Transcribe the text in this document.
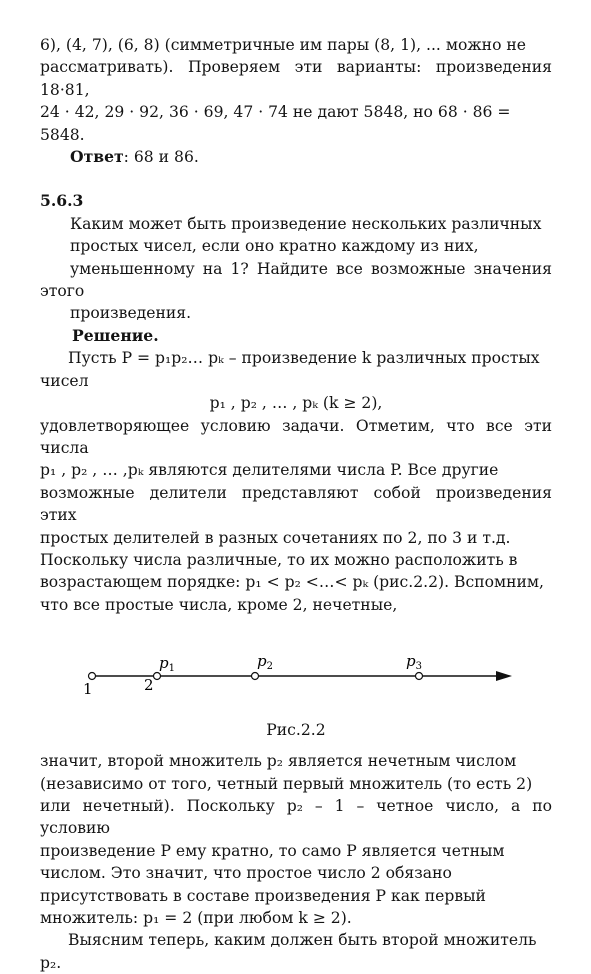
6), (4, 7), (6, 8) (симметричные им пары (8, 1), ... можно не
рассматривать). Проверяем эти варианты: произведения 18·81,
24 · 42, 29 · 92, 36 · 69, 47 · 74 не дают 5848, но 68 · 86 = 5848.

Ответ: 68 и 86.

5.6.3

Каким может быть произведение нескольких различных
простых чисел, если оно кратно каждому из них,
уменьшенному на 1? Найдите все возможные значения этого
произведения.

Решение.

Пусть P = p₁p₂… pₖ – произведение k различных простых
чисел

p₁ , p₂ , … , pₖ (k ≥ 2),

удовлетворяющее условию задачи. Отметим, что все эти числа
p₁ , p₂ , … ,pₖ являются делителями числа P. Все другие
возможные делители представляют собой произведения этих
простых делителей в разных сочетаниях по 2, по 3 и т.д.
Поскольку числа различные, то их можно расположить в
возрастающем порядке: p₁ < p₂ <…< pₖ (рис.2.2). Вспомним,
что все простые числа, кроме 2, нечетные,

$p_1$	$p_2$	$p_3$
1	2

Рис.2.2

значит, второй множитель p₂ является нечетным числом
(независимо от того, четный первый множитель (то есть 2)
или нечетный). Поскольку p₂ – 1 – четное число, а по условию
произведение P ему кратно, то само P является четным
числом. Это значит, что простое число 2 обязано
присутствовать в составе произведения P как первый
множитель: p₁ = 2 (при любом k ≥ 2).
Выясним теперь, каким должен быть второй множитель p₂.
